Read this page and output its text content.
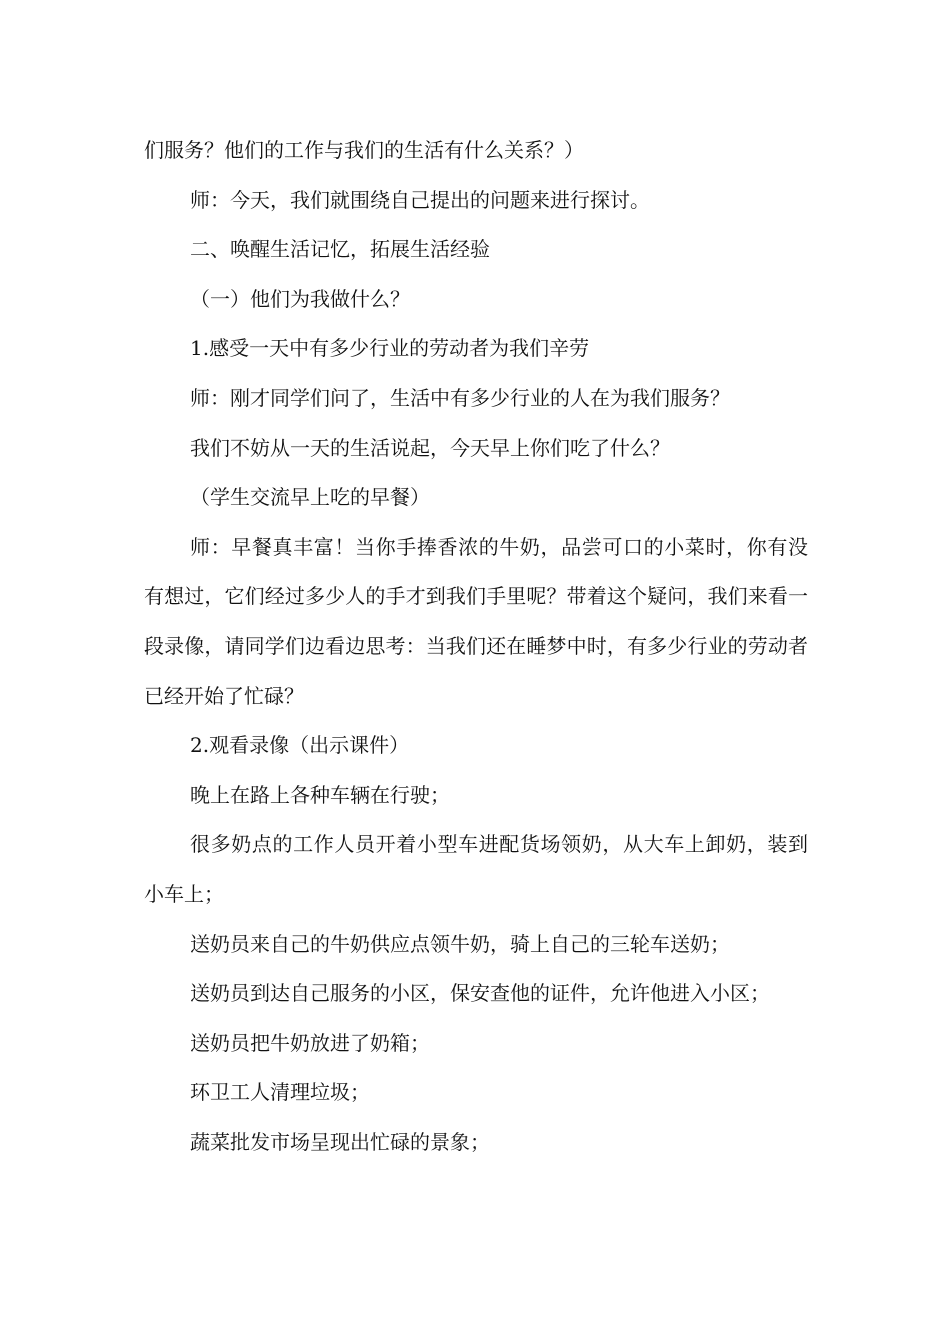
们服务？他们的工作与我们的生活有什么关系？）

师：今天，我们就围绕自己提出的问题来进行探讨。

二、唤醒生活记忆，拓展生活经验

（一）他们为我做什么？

1.感受一天中有多少行业的劳动者为我们辛劳

师：刚才同学们问了，生活中有多少行业的人在为我们服务？

我们不妨从一天的生活说起，今天早上你们吃了什么？

（学生交流早上吃的早餐）

师：早餐真丰富！当你手捧香浓的牛奶，品尝可口的小菜时，你有没有想过，它们经过多少人的手才到我们手里呢？带着这个疑问，我们来看一段录像，请同学们边看边思考：当我们还在睡梦中时，有多少行业的劳动者已经开始了忙碌？

2.观看录像（出示课件）

晚上在路上各种车辆在行驶；

很多奶点的工作人员开着小型车进配货场领奶，从大车上卸奶，装到小车上；

送奶员来自己的牛奶供应点领牛奶，骑上自己的三轮车送奶；

送奶员到达自己服务的小区，保安查他的证件，允许他进入小区；

送奶员把牛奶放进了奶箱；

环卫工人清理垃圾；

蔬菜批发市场呈现出忙碌的景象；
